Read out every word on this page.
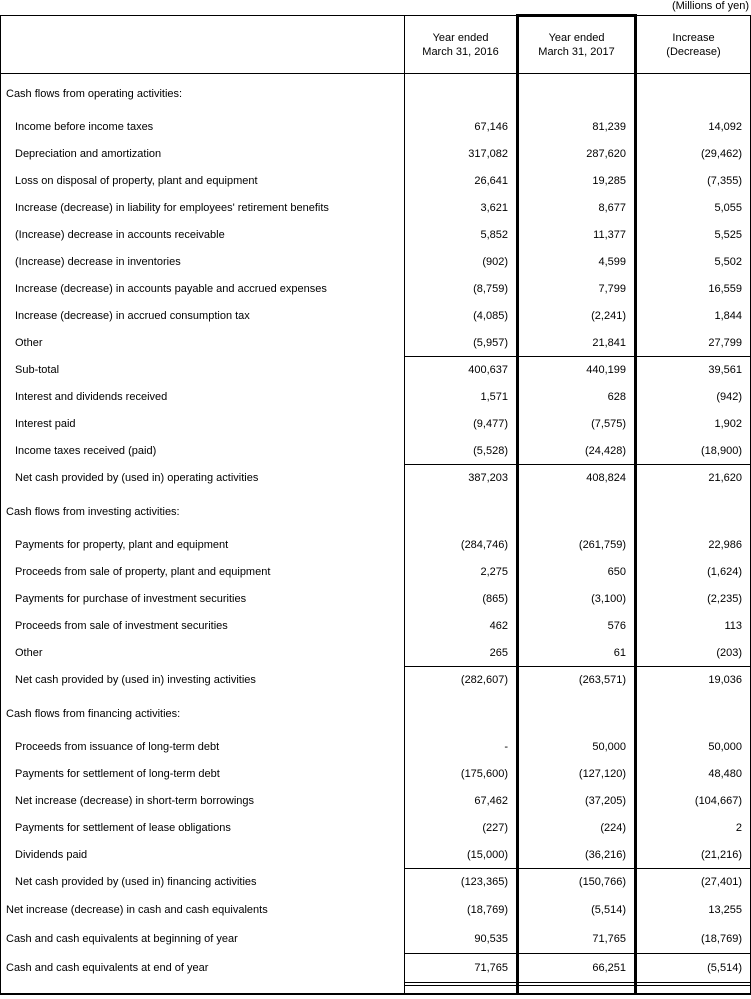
(Millions of yen)

Year ended
March 31, 2016

Year ended
March 31, 2017

Increase
(Decrease)

Cash flows from operating activities:			
Income before income taxes	67,146	81,239	14,092
Depreciation and amortization	317,082	287,620	(29,462)
Loss on disposal of property, plant and equipment	26,641	19,285	(7,355)
Increase (decrease) in liability for employees' retirement benefits	3,621	8,677	5,055
(Increase) decrease in accounts receivable	5,852	11,377	5,525
(Increase) decrease in inventories	(902)	4,599	5,502
Increase (decrease) in accounts payable and accrued expenses	(8,759)	7,799	16,559
Increase (decrease) in accrued consumption tax	(4,085)	(2,241)	1,844
Other	(5,957)	21,841	27,799
Sub-total	400,637	440,199	39,561
Interest and dividends received	1,571	628	(942)
Interest paid	(9,477)	(7,575)	1,902
Income taxes received (paid)	(5,528)	(24,428)	(18,900)
Net cash provided by (used in) operating activities	387,203	408,824	21,620
Cash flows from investing activities:			
Payments for property, plant and equipment	(284,746)	(261,759)	22,986
Proceeds from sale of property, plant and equipment	2,275	650	(1,624)
Payments for purchase of investment securities	(865)	(3,100)	(2,235)
Proceeds from sale of investment securities	462	576	113
Other	265	61	(203)
Net cash provided by (used in) investing activities	(282,607)	(263,571)	19,036
Cash flows from financing activities:			
Proceeds from issuance of long-term debt	-	50,000	50,000
Payments for settlement of long-term debt	(175,600)	(127,120)	48,480
Net increase (decrease) in short-term borrowings	67,462	(37,205)	(104,667)
Payments for settlement of lease obligations	(227)	(224)	2
Dividends paid	(15,000)	(36,216)	(21,216)
Net cash provided by (used in) financing activities	(123,365)	(150,766)	(27,401)
Net increase (decrease) in cash and cash equivalents	(18,769)	(5,514)	13,255
Cash and cash equivalents at beginning of year	90,535	71,765	(18,769)
Cash and cash equivalents at end of year	71,765	66,251	(5,514)
